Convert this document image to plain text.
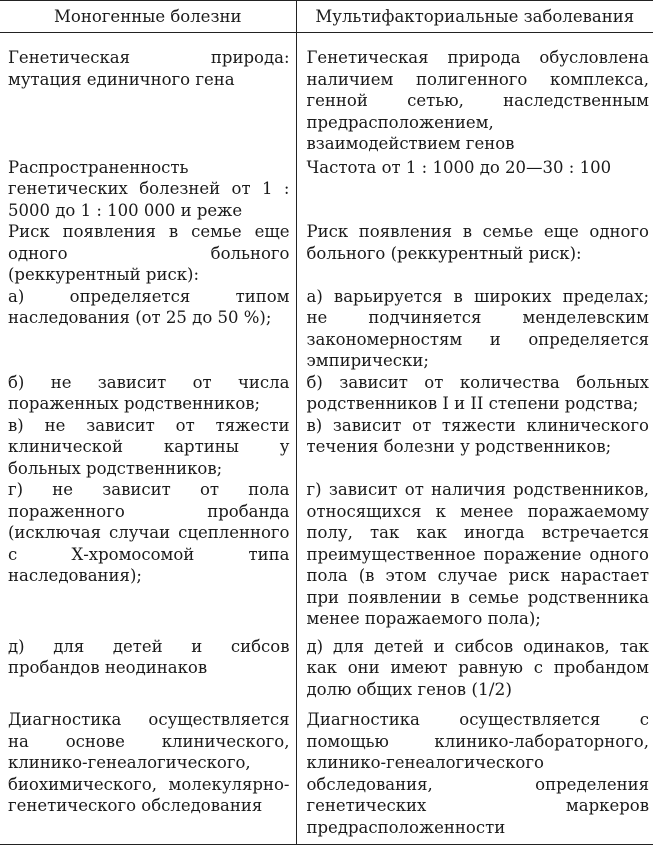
Моногенные болезни	Мультифакториальные заболевания
Генетическая природа: мутация единичного гена	Генетическая природа обусловлена наличием полигенного комплекса, генной сетью, наследственным предрасположением, взаимодействием генов
Распространенность генетических болезней от 1 : 5000 до 1 : 100 000 и реже	Частота от 1 : 1000 до 20—30 : 100
Риск появления в семье еще одного больного (реккурентный риск):	Риск появления в семье еще одного больного (реккурентный риск):
а) определяется типом наследования (от 25 до 50 %);	а) варьируется в широких пределах; не подчиняется менделевским закономерностям и определяется эмпирически;
б) не зависит от числа пораженных родственников;	б) зависит от количества больных родственников I и II степени родства;
в) не зависит от тяжести клинической картины у больных родственников;	в) зависит от тяжести клинического течения болезни у родственников;
г) не зависит от пола пораженного пробанда (исключая случаи сцепленного с Х-хромосомой типа наследования);	г) зависит от наличия родственников, относящихся к менее поражаемому полу, так как иногда встречается преимущественное поражение одного пола (в этом случае риск нарастает при появлении в семье родственника менее поражаемого пола);
д) для детей и сибсов пробандов неодинаков	д) для детей и сибсов одинаков, так как они имеют равную с пробандом долю общих генов (1/2)
Диагностика осуществляется на основе клинического, клинико-генеалогического, биохимического, молекулярно-генетического обследования	Диагностика осуществляется с помощью клинико-лабораторного, клинико-генеалогического обследования, определения генетических маркеров предрасположенности
